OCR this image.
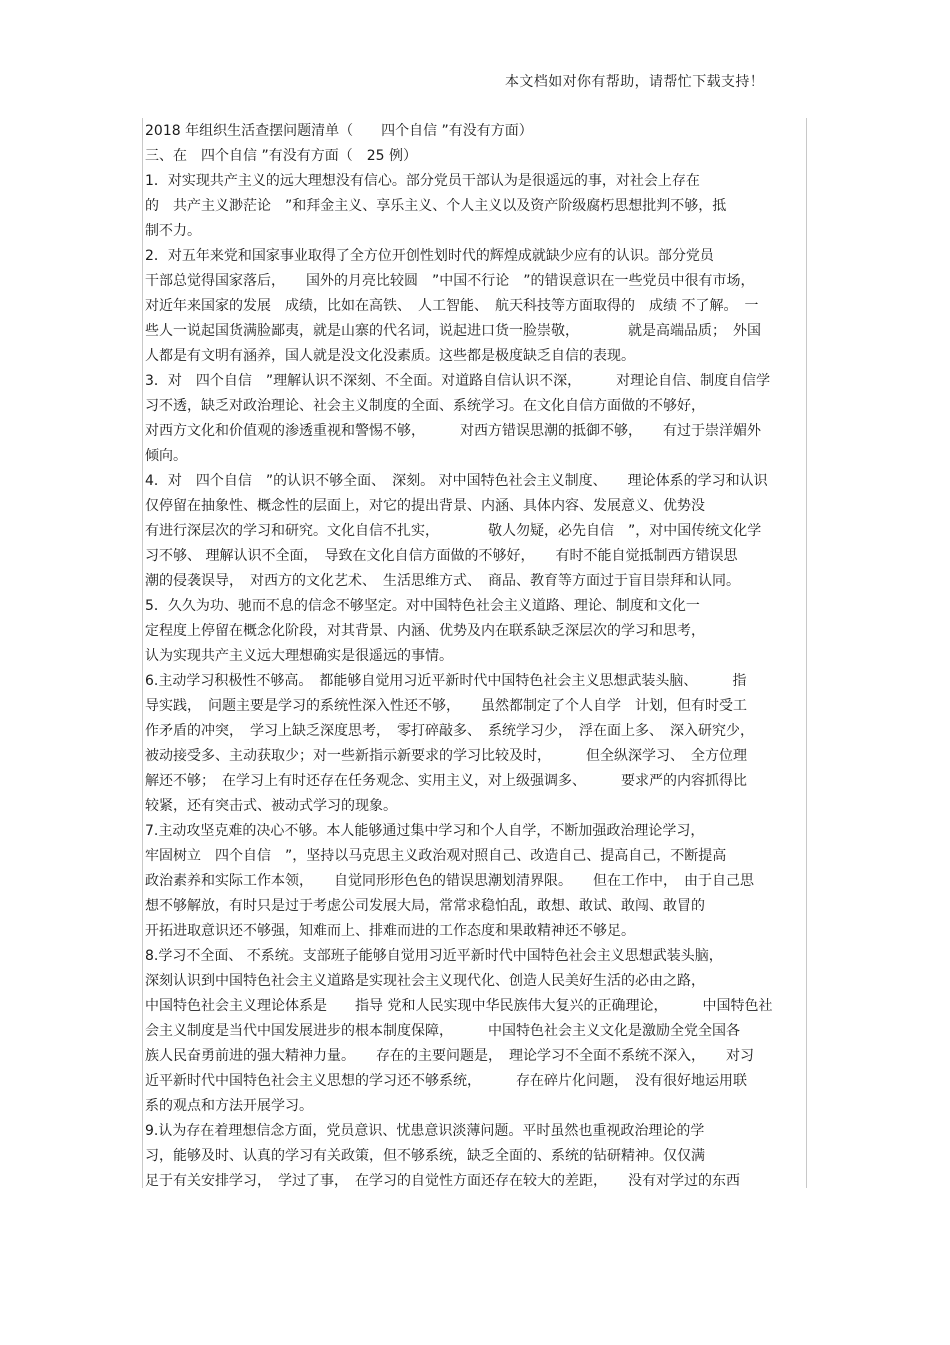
本文档如对你有帮助，请帮忙下载支持！
2018 年组织生活查摆问题清单（　　四个自信 ”有没有方面）
三、在　四个自信 ”有没有方面（　25 例）
1．对实现共产主义的远大理想没有信心。部分党员干部认为是很遥远的事，对社会上存在
的　共产主义渺茫论　”和拜金主义、享乐主义、个人主义以及资产阶级腐朽思想批判不够，抵
制不力。
2．对五年来党和国家事业取得了全方位开创性划时代的辉煌成就缺少应有的认识。部分党员
干部总觉得国家落后，　　国外的月亮比较圆　”中国不行论　”的错误意识在一些党员中很有市场，
对近年来国家的发展　成绩，比如在高铁、　人工智能、　航天科技等方面取得的　成绩 不了解。　一
些人一说起国货满脸鄙夷，就是山寨的代名词，说起进口货一脸崇敬，　　　　就是高端品质；　外国
人都是有文明有涵养，国人就是没文化没素质。这些都是极度缺乏自信的表现。
3．对　四个自信　”理解认识不深刻、不全面。对道路自信认识不深，　　　对理论自信、制度自信学
习不透，缺乏对政治理论、社会主义制度的全面、系统学习。在文化自信方面做的不够好，
对西方文化和价值观的渗透重视和警惕不够，　　　对西方错误思潮的抵御不够，　　有过于崇洋媚外
倾向。
4．对　四个自信　”的认识不够全面、　深刻。 对中国特色社会主义制度、　　理论体系的学习和认识
仅停留在抽象性、概念性的层面上，对它的提出背景、内涵、具体内容、发展意义、优势没
有进行深层次的学习和研究。文化自信不扎实，　　　　敬人勿疑，必先自信　”，对中国传统文化学
习不够、 理解认识不全面，　导致在文化自信方面做的不够好，　　有时不能自觉抵制西方错误思
潮的侵袭误导，　对西方的文化艺术、　生活思维方式、　商品、教育等方面过于盲目崇拜和认同。
5．久久为功、驰而不息的信念不够坚定。对中国特色社会主义道路、理论、制度和文化一
定程度上停留在概念化阶段，对其背景、内涵、优势及内在联系缺乏深层次的学习和思考，
认为实现共产主义远大理想确实是很遥远的事情。
6.主动学习积极性不够高。　都能够自觉用习近平新时代中国特色社会主义思想武装头脑、　　　指
导实践，　问题主要是学习的系统性深入性还不够，　　虽然都制定了个人自学　计划，但有时受工
作矛盾的冲突，　学习上缺乏深度思考，　零打碎敲多、　系统学习少，　浮在面上多、　深入研究少，
被动接受多、主动获取少；对一些新指示新要求的学习比较及时，　　　但全纵深学习、　全方位理
解还不够；　在学习上有时还存在任务观念、实用主义，对上级强调多、　　　要求严的内容抓得比
较紧，还有突击式、被动式学习的现象。
7.主动攻坚克难的决心不够。本人能够通过集中学习和个人自学，不断加强政治理论学习，
牢固树立　四个自信　”，坚持以马克思主义政治观对照自己、改造自己、提高自己，不断提高
政治素养和实际工作本领，　　自觉同形形色色的错误思潮划清界限。　　但在工作中，　由于自己思
想不够解放，有时只是过于考虑公司发展大局，常常求稳怕乱，敢想、敢试、敢闯、敢冒的
开拓进取意识还不够强，知难而上、排难而进的工作态度和果敢精神还不够足。
8.学习不全面、 不系统。支部班子能够自觉用习近平新时代中国特色社会主义思想武装头脑，
深刻认识到中国特色社会主义道路是实现社会主义现代化、创造人民美好生活的必由之路，
中国特色社会主义理论体系是　　指导 党和人民实现中华民族伟大复兴的正确理论，　　　中国特色社
会主义制度是当代中国发展进步的根本制度保障，　　　中国特色社会主义文化是激励全党全国各
族人民奋勇前进的强大精神力量。　　存在的主要问题是，　理论学习不全面不系统不深入，　　对习
近平新时代中国特色社会主义思想的学习还不够系统，　　　存在碎片化问题，　没有很好地运用联
系的观点和方法开展学习。
9.认为存在着理想信念方面，党员意识、忧患意识淡薄问题。平时虽然也重视政治理论的学
习，能够及时、认真的学习有关政策，但不够系统，缺乏全面的、系统的钻研精神。仅仅满
足于有关安排学习，　学过了事，　在学习的自觉性方面还存在较大的差距，　　没有对学过的东西
